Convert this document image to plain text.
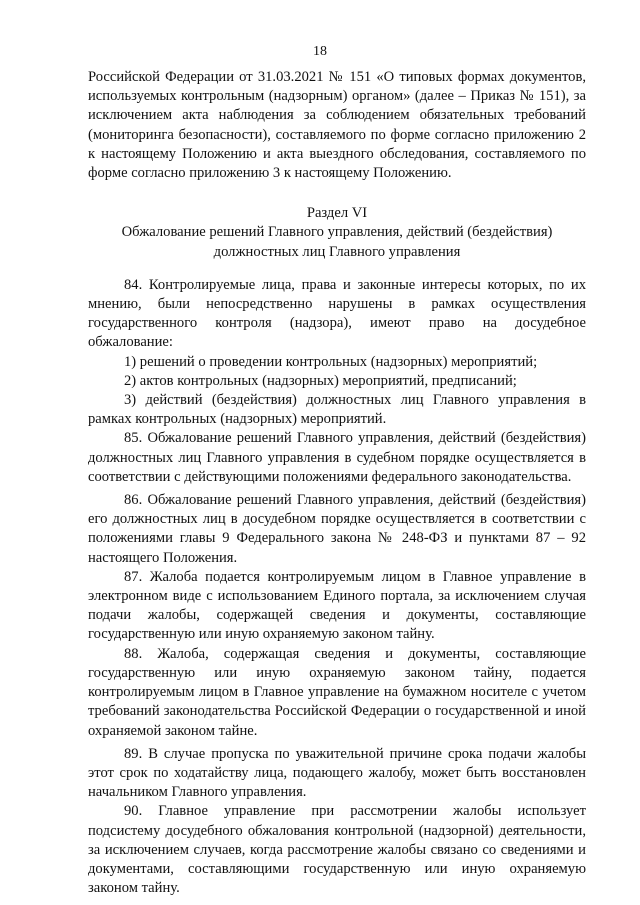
18

Российской Федерации от 31.03.2021 № 151 «О типовых формах документов, используемых контрольным (надзорным) органом» (далее – Приказ № 151), за исключением акта наблюдения за соблюдением обязательных требований (мониторинга безопасности), составляемого по форме согласно приложению 2 к настоящему Положению и акта выездного обследования, составляемого по форме согласно приложению 3 к настоящему Положению.

Раздел VI
Обжалование решений Главного управления, действий (бездействия)
должностных лиц Главного управления

84. Контролируемые лица, права и законные интересы которых, по их мнению, были непосредственно нарушены в рамках осуществления государственного контроля (надзора), имеют право на досудебное обжалование:

1) решений о проведении контрольных (надзорных) мероприятий;

2) актов контрольных (надзорных) мероприятий, предписаний;

3) действий (бездействия) должностных лиц Главного управления в рамках контрольных (надзорных) мероприятий.

85. Обжалование решений Главного управления, действий (бездействия) должностных лиц Главного управления в судебном порядке осуществляется в соответствии с действующими положениями федерального законодательства.

86. Обжалование решений Главного управления, действий (бездействия) его должностных лиц в досудебном порядке осуществляется в соответствии с положениями главы 9 Федерального закона № 248-ФЗ и пунктами 87 – 92 настоящего Положения.

87. Жалоба подается контролируемым лицом в Главное управление в электронном виде с использованием Единого портала, за исключением случая подачи жалобы, содержащей сведения и документы, составляющие государственную или иную охраняемую законом тайну.

88. Жалоба, содержащая сведения и документы, составляющие государственную или иную охраняемую законом тайну, подается контролируемым лицом в Главное управление на бумажном носителе с учетом требований законодательства Российской Федерации о государственной и иной охраняемой законом тайне.

89. В случае пропуска по уважительной причине срока подачи жалобы этот срок по ходатайству лица, подающего жалобу, может быть восстановлен начальником Главного управления.

90. Главное управление при рассмотрении жалобы использует подсистему досудебного обжалования контрольной (надзорной) деятельности, за исключением случаев, когда рассмотрение жалобы связано со сведениями и документами, составляющими государственную или иную охраняемую законом тайну.
